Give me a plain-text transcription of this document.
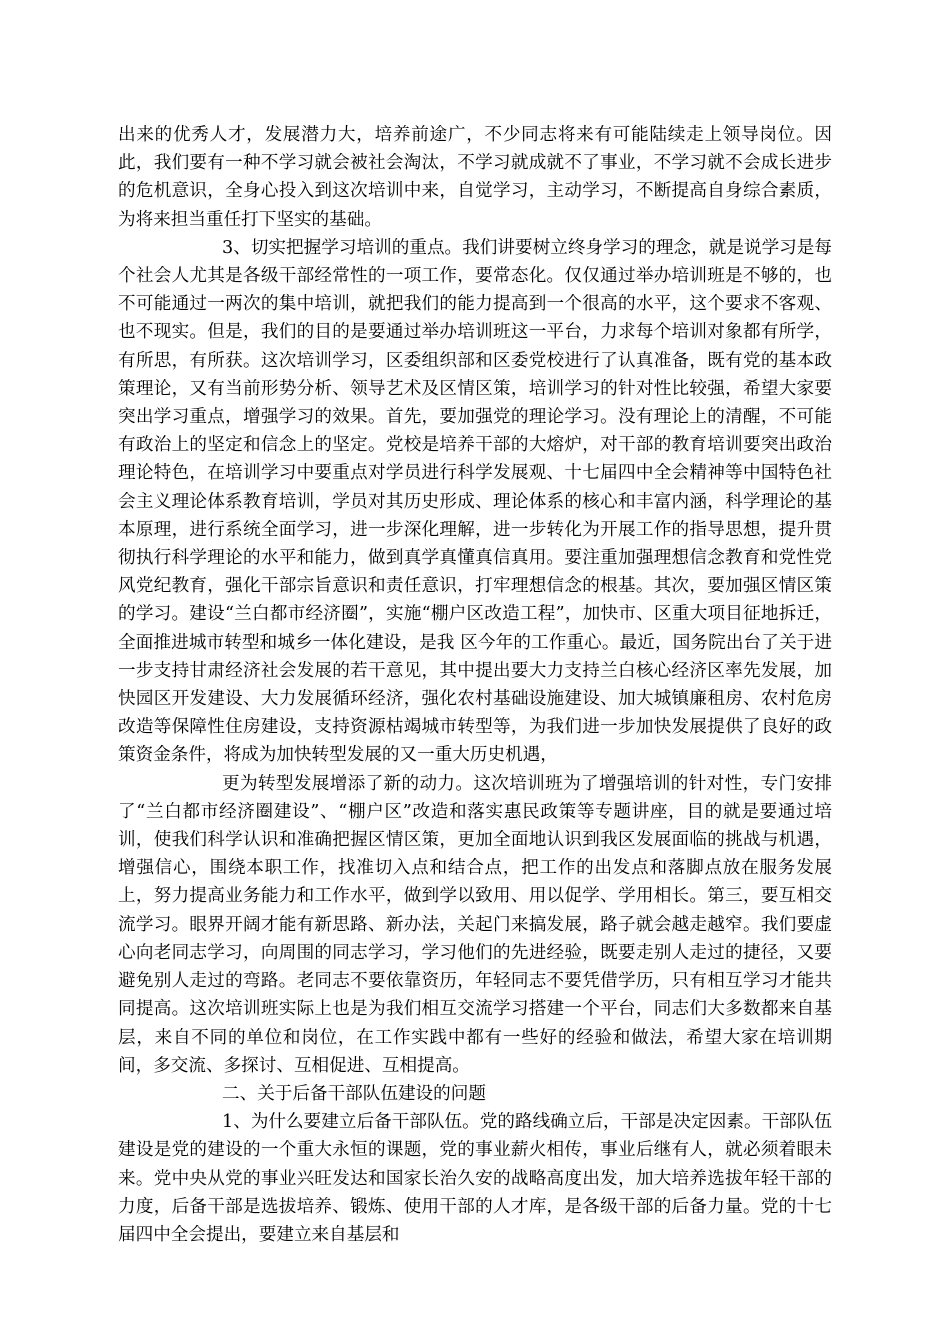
出来的优秀人才，发展潜力大，培养前途广，不少同志将来有可能陆续走上领导岗位。因此，我们要有一种不学习就会被社会淘汰，不学习就成就不了事业，不学习就不会成长进步的危机意识，全身心投入到这次培训中来，自觉学习，主动学习，不断提高自身综合素质，为将来担当重任打下坚实的基础。

3、切实把握学习培训的重点。我们讲要树立终身学习的理念，就是说学习是每个社会人尤其是各级干部经常性的一项工作，要常态化。仅仅通过举办培训班是不够的，也不可能通过一两次的集中培训，就把我们的能力提高到一个很高的水平，这个要求不客观、也不现实。但是，我们的目的是要通过举办培训班这一平台，力求每个培训对象都有所学，有所思，有所获。这次培训学习，区委组织部和区委党校进行了认真准备，既有党的基本政策理论，又有当前形势分析、领导艺术及区情区策，培训学习的针对性比较强，希望大家要突出学习重点，增强学习的效果。首先，要加强党的理论学习。没有理论上的清醒，不可能有政治上的坚定和信念上的坚定。党校是培养干部的大熔炉，对干部的教育培训要突出政治理论特色，在培训学习中要重点对学员进行科学发展观、十七届四中全会精神等中国特色社会主义理论体系教育培训，学员对其历史形成、理论体系的核心和丰富内涵，科学理论的基本原理，进行系统全面学习，进一步深化理解，进一步转化为开展工作的指导思想，提升贯彻执行科学理论的水平和能力，做到真学真懂真信真用。要注重加强理想信念教育和党性党风党纪教育，强化干部宗旨意识和责任意识，打牢理想信念的根基。其次，要加强区情区策的学习。建设“兰白都市经济圈”，实施“棚户区改造工程”，加快市、区重大项目征地拆迁，全面推进城市转型和城乡一体化建设，是我 区今年的工作重心。最近，国务院出台了关于进一步支持甘肃经济社会发展的若干意见，其中提出要大力支持兰白核心经济区率先发展，加快园区开发建设、大力发展循环经济，强化农村基础设施建设、加大城镇廉租房、农村危房改造等保障性住房建设，支持资源枯竭城市转型等，为我们进一步加快发展提供了良好的政策资金条件，将成为加快转型发展的又一重大历史机遇，

更为转型发展增添了新的动力。这次培训班为了增强培训的针对性，专门安排了“兰白都市经济圈建设”、“棚户区”改造和落实惠民政策等专题讲座，目的就是要通过培训，使我们科学认识和准确把握区情区策，更加全面地认识到我区发展面临的挑战与机遇，增强信心，围绕本职工作，找准切入点和结合点，把工作的出发点和落脚点放在服务发展上，努力提高业务能力和工作水平，做到学以致用、用以促学、学用相长。第三，要互相交流学习。眼界开阔才能有新思路、新办法，关起门来搞发展，路子就会越走越窄。我们要虚心向老同志学习，向周围的同志学习，学习他们的先进经验，既要走别人走过的捷径，又要避免别人走过的弯路。老同志不要依靠资历，年轻同志不要凭借学历，只有相互学习才能共同提高。这次培训班实际上也是为我们相互交流学习搭建一个平台，同志们大多数都来自基层，来自不同的单位和岗位，在工作实践中都有一些好的经验和做法，希望大家在培训期间，多交流、多探讨、互相促进、互相提高。

二、关于后备干部队伍建设的问题

1、为什么要建立后备干部队伍。党的路线确立后，干部是决定因素。干部队伍建设是党的建设的一个重大永恒的课题，党的事业薪火相传，事业后继有人，就必须着眼未来。党中央从党的事业兴旺发达和国家长治久安的战略高度出发，加大培养选拔年轻干部的力度，后备干部是选拔培养、锻炼、使用干部的人才库，是各级干部的后备力量。党的十七届四中全会提出，要建立来自基层和
